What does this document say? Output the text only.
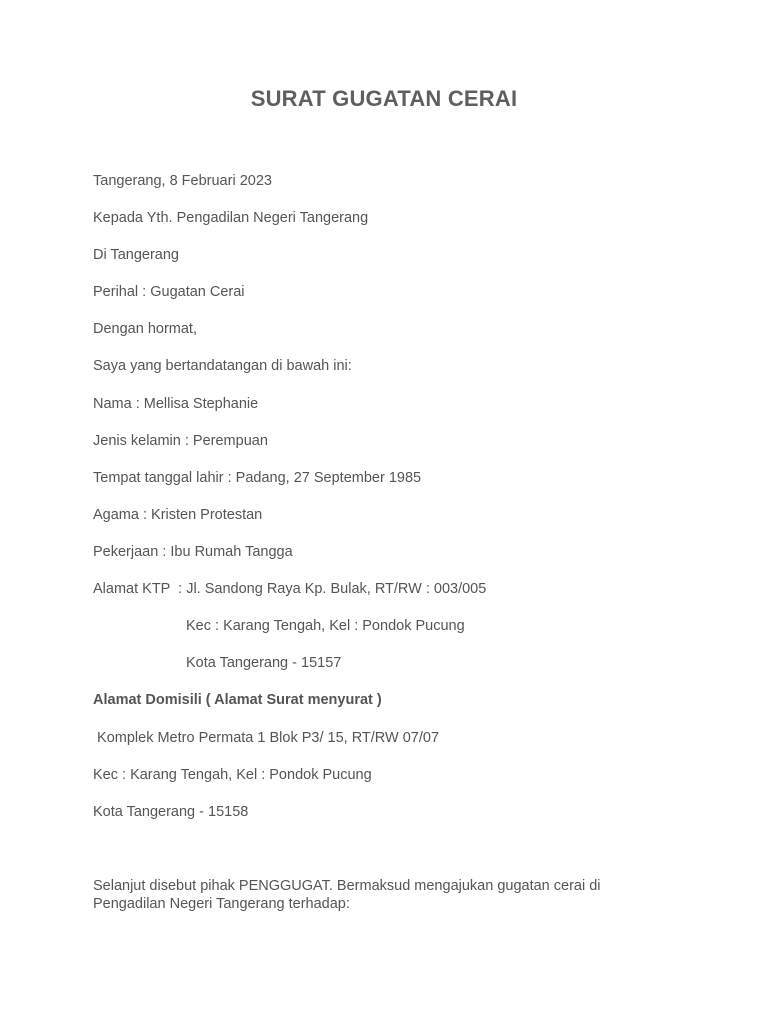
SURAT GUGATAN CERAI

Tangerang, 8 Februari 2023

Kepada Yth. Pengadilan Negeri Tangerang

Di Tangerang

Perihal : Gugatan Cerai

Dengan hormat,

Saya yang bertandatangan di bawah ini:

Nama : Mellisa Stephanie

Jenis kelamin : Perempuan

Tempat tanggal lahir : Padang, 27 September 1985

Agama : Kristen Protestan

Pekerjaan : Ibu Rumah Tangga

Alamat KTP  : Jl. Sandong Raya Kp. Bulak, RT/RW : 003/005

Kec : Karang Tengah, Kel : Pondok Pucung

Kota Tangerang - 15157

Alamat Domisili ( Alamat Surat menyurat )

Komplek Metro Permata 1 Blok P3/ 15, RT/RW 07/07

Kec : Karang Tengah, Kel : Pondok Pucung

Kota Tangerang - 15158

Selanjut disebut pihak PENGGUGAT. Bermaksud mengajukan gugatan cerai di Pengadilan Negeri Tangerang terhadap:
